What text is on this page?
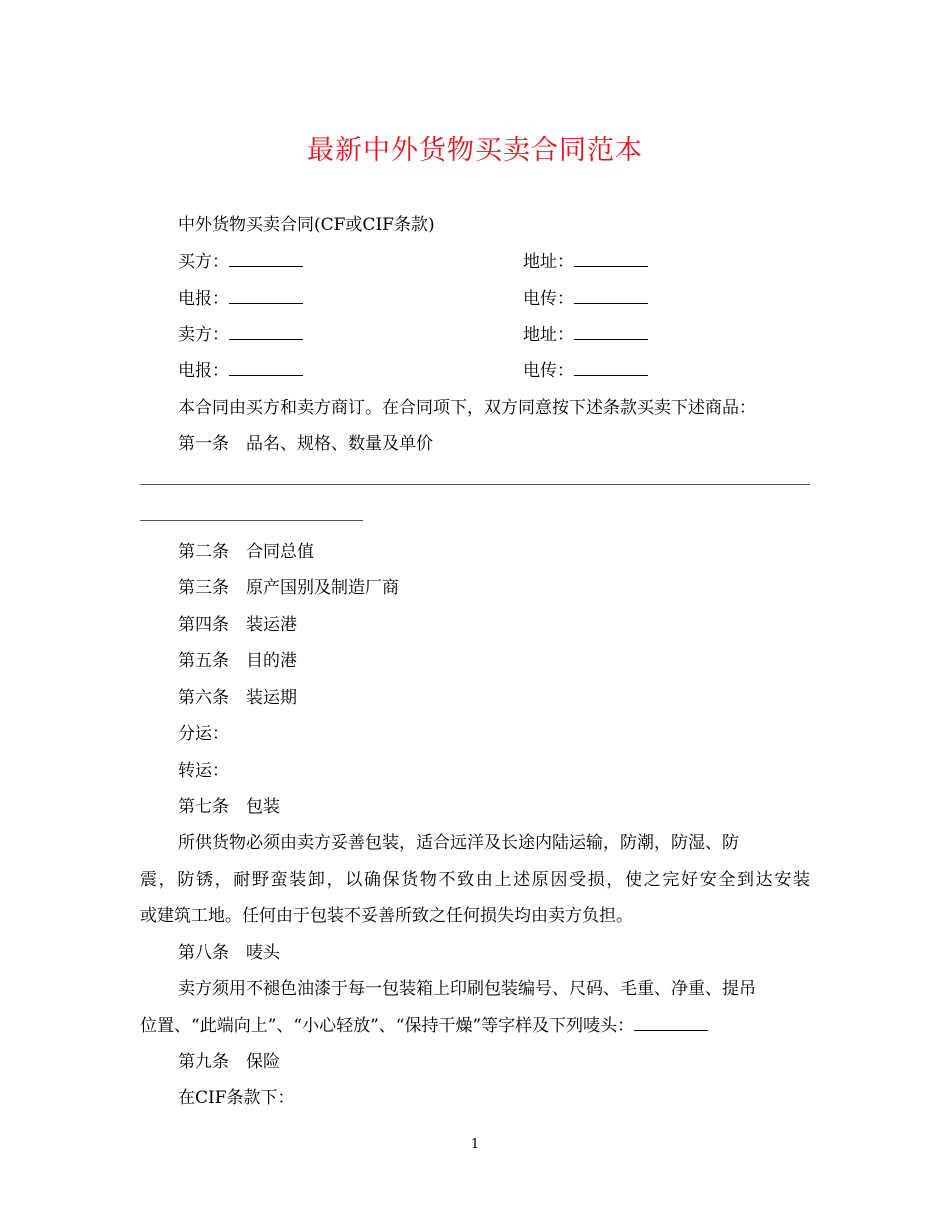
最新中外货物买卖合同范本
中外货物买卖合同(CF或CIF条款)
买方：	地址：
电报：	电传：
卖方：	地址：
电报：	电传：
本合同由买方和卖方商订。在合同项下，双方同意按下述条款买卖下述商品：
第一条　品名、规格、数量及单价
第二条　合同总值
第三条　原产国别及制造厂商
第四条　装运港
第五条　目的港
第六条　装运期
分运：
转运：
第七条　包装
所供货物必须由卖方妥善包装，适合远洋及长途内陆运输，防潮，防湿、防
震，防锈，耐野蛮装卸，以确保货物不致由上述原因受损，使之完好安全到达安装
或建筑工地。任何由于包装不妥善所致之任何损失均由卖方负担。
第八条　唛头
卖方须用不褪色油漆于每一包装箱上印刷包装编号、尺码、毛重、净重、提吊
位置、“此端向上”、“小心轻放”、“保持干燥”等字样及下列唛头：
第九条　保险
在CIF条款下：
1
